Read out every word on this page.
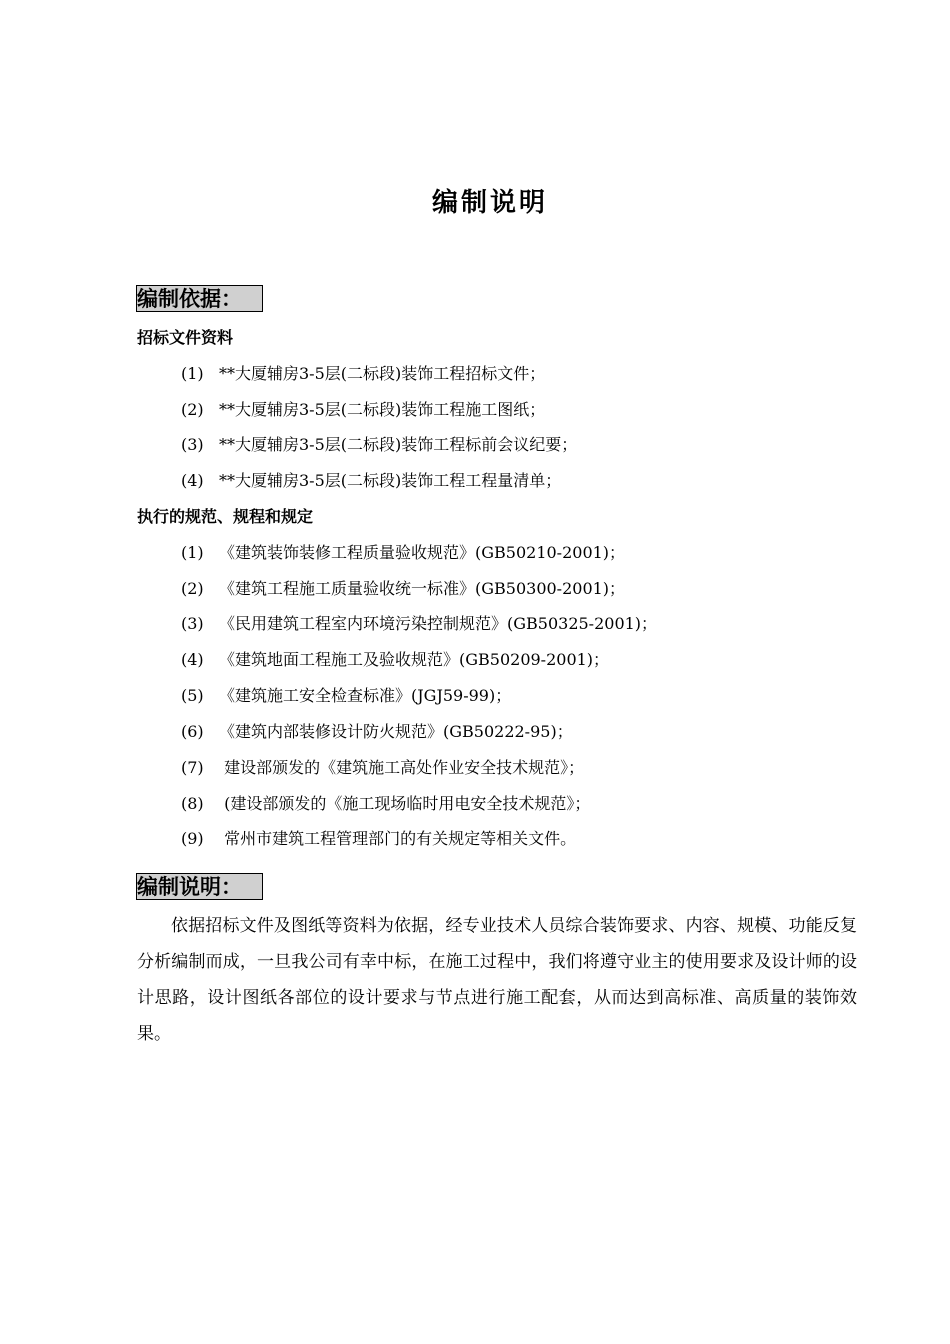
编制说明
编制依据：
招标文件资料
(1) **大厦辅房3-5层(二标段)装饰工程招标文件；
(2) **大厦辅房3-5层(二标段)装饰工程施工图纸；
(3) **大厦辅房3-5层(二标段)装饰工程标前会议纪要；
(4) **大厦辅房3-5层(二标段)装饰工程工程量清单；
执行的规范、规程和规定
(1) 《建筑装饰装修工程质量验收规范》(GB50210-2001)；
(2) 《建筑工程施工质量验收统一标准》(GB50300-2001)；
(3) 《民用建筑工程室内环境污染控制规范》(GB50325-2001)；
(4) 《建筑地面工程施工及验收规范》(GB50209-2001)；
(5) 《建筑施工安全检查标准》(JGJ59-99)；
(6) 《建筑内部装修设计防火规范》(GB50222-95)；
(7) 建设部颁发的《建筑施工高处作业安全技术规范》；
(8) (建设部颁发的《施工现场临时用电安全技术规范》；
(9) 常州市建筑工程管理部门的有关规定等相关文件。
编制说明：
依据招标文件及图纸等资料为依据，经专业技术人员综合装饰要求、内容、规模、功能反复分析编制而成，一旦我公司有幸中标，在施工过程中，我们将遵守业主的使用要求及设计师的设计思路，设计图纸各部位的设计要求与节点进行施工配套，从而达到高标准、高质量的装饰效果。
